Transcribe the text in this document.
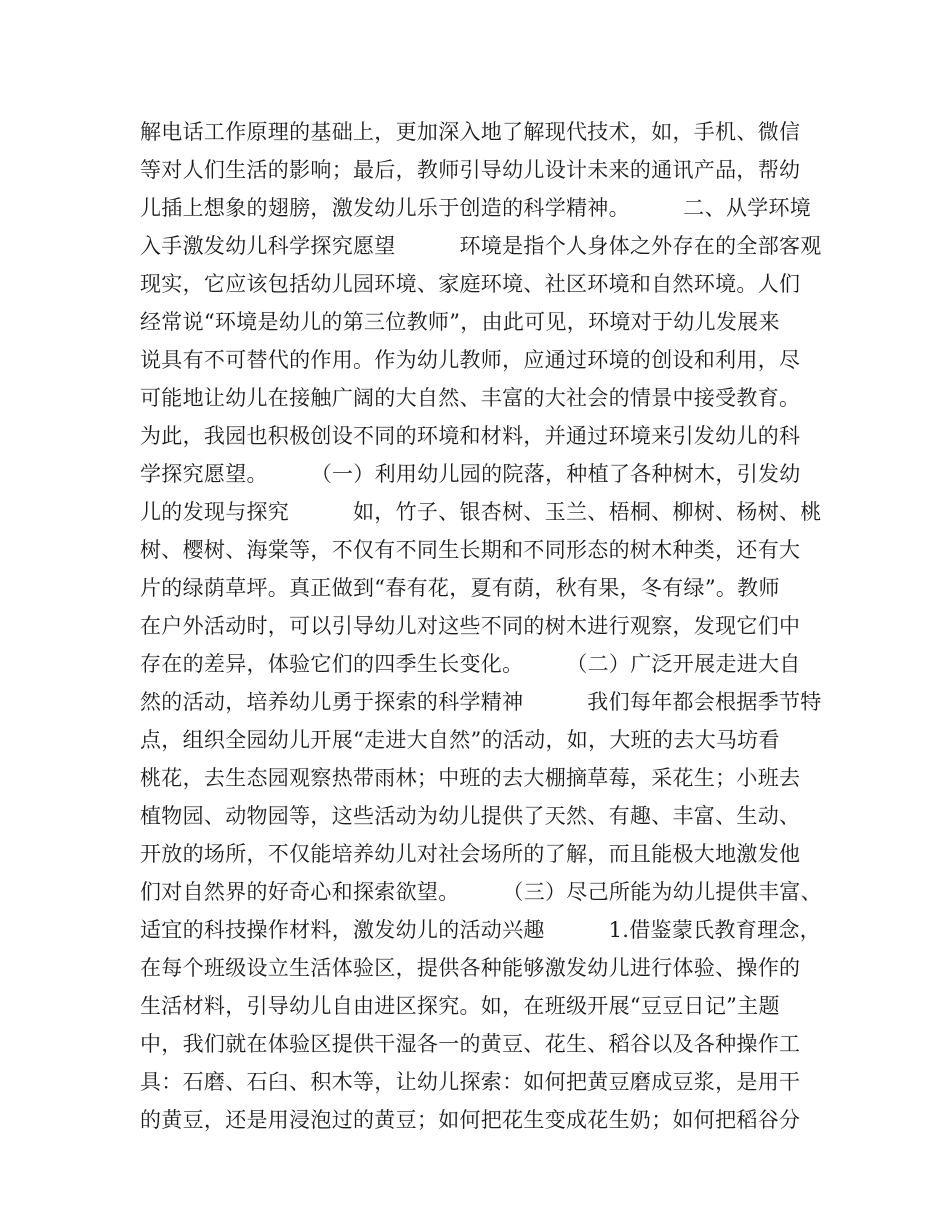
解电话工作原理的基础上，更加深入地了解现代技术，如，手机、微信

等对人们生活的影响；最后，教师引导幼儿设计未来的通讯产品，帮幼

儿插上想象的翅膀，激发幼儿乐于创造的科学精神。　　　二、从学环境

入手激发幼儿科学探究愿望　　　环境是指个人身体之外存在的全部客观

现实，它应该包括幼儿园环境、家庭环境、社区环境和自然环境。人们

经常说“环境是幼儿的第三位教师”，由此可见，环境对于幼儿发展来

说具有不可替代的作用。作为幼儿教师，应通过环境的创设和利用，尽

可能地让幼儿在接触广阔的大自然、丰富的大社会的情景中接受教育。

为此，我园也积极创设不同的环境和材料，并通过环境来引发幼儿的科

学探究愿望。　　　（一）利用幼儿园的院落，种植了各种树木，引发幼

儿的发现与探究　　　如，竹子、银杏树、玉兰、梧桐、柳树、杨树、桃

树、樱树、海棠等，不仅有不同生长期和不同形态的树木种类，还有大

片的绿荫草坪。真正做到“春有花，夏有荫，秋有果，冬有绿”。教师

在户外活动时，可以引导幼儿对这些不同的树木进行观察，发现它们中

存在的差异，体验它们的四季生长变化。　　　（二）广泛开展走进大自

然的活动，培养幼儿勇于探索的科学精神　　　我们每年都会根据季节特

点，组织全园幼儿开展“走进大自然”的活动，如，大班的去大马坊看

桃花，去生态园观察热带雨林；中班的去大棚摘草莓，采花生；小班去

植物园、动物园等，这些活动为幼儿提供了天然、有趣、丰富、生动、

开放的场所，不仅能培养幼儿对社会场所的了解，而且能极大地激发他

们对自然界的好奇心和探索欲望。　　　（三）尽己所能为幼儿提供丰富、

适宜的科技操作材料，激发幼儿的活动兴趣　　　1.借鉴蒙氏教育理念，

在每个班级设立生活体验区，提供各种能够激发幼儿进行体验、操作的

生活材料，引导幼儿自由进区探究。如，在班级开展“豆豆日记”主题

中，我们就在体验区提供干湿各一的黄豆、花生、稻谷以及各种操作工

具：石磨、石臼、积木等，让幼儿探索：如何把黄豆磨成豆浆，是用干

的黄豆，还是用浸泡过的黄豆；如何把花生变成花生奶；如何把稻谷分
